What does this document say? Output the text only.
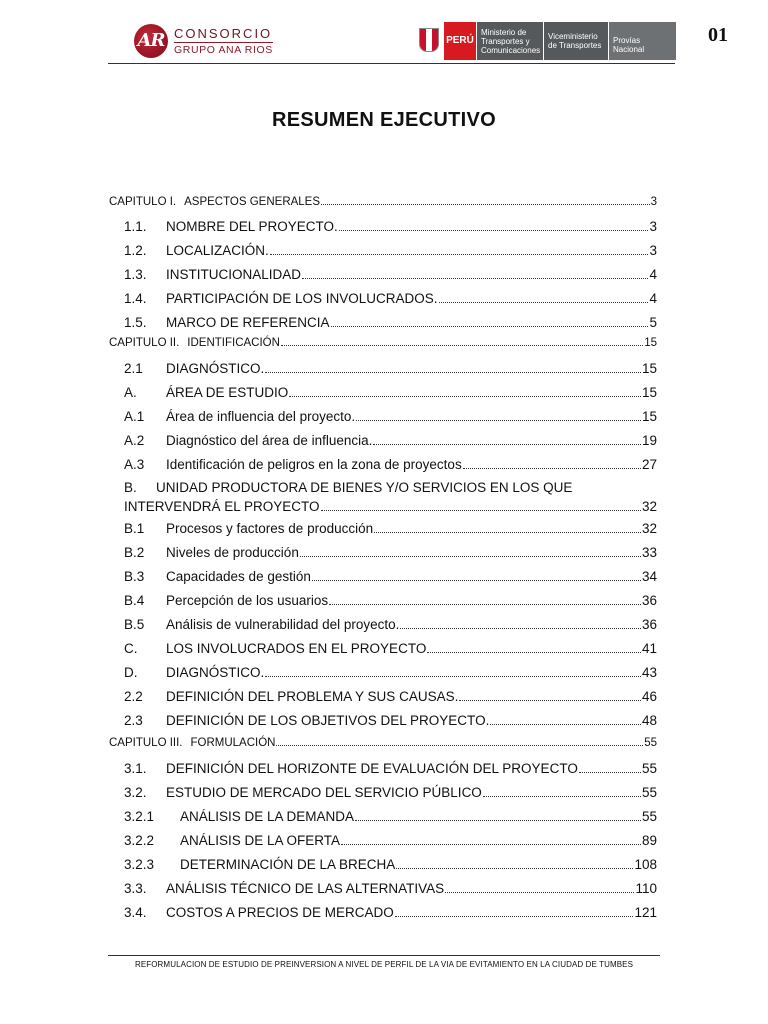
AR CONSORCIO
GRUPO ANA RIOS
PERÚ
Ministerio de Transportes y Comunicaciones
Viceministerio de Transportes
Provías Nacional
01
RESUMEN EJECUTIVO
CAPITULO I. ASPECTOS GENERALES	3
1.1.	NOMBRE DEL PROYECTO.	3
1.2.	LOCALIZACIÓN.	3
1.3.	INSTITUCIONALIDAD	4
1.4.	PARTICIPACIÓN DE LOS INVOLUCRADOS.	4
1.5.	MARCO DE REFERENCIA	5
CAPITULO II. IDENTIFICACIÓN	15
2.1	DIAGNÓSTICO.	15
A.	ÁREA DE ESTUDIO	15
A.1	Área de influencia del proyecto.	15
A.2	Diagnóstico del área de influencia.	19
A.3	Identificación de peligros en la zona de proyectos	27
B.	UNIDAD PRODUCTORA DE BIENES Y/O SERVICIOS EN LOS QUE
INTERVENDRÁ EL PROYECTO	32
B.1	Procesos y factores de producción	32
B.2	Niveles de producción	33
B.3	Capacidades de gestión	34
B.4	Percepción de los usuarios	36
B.5	Análisis de vulnerabilidad del proyecto.	36
C.	LOS INVOLUCRADOS EN EL PROYECTO	41
D.	DIAGNÓSTICO.	43
2.2	DEFINICIÓN DEL PROBLEMA Y SUS CAUSAS.	46
2.3	DEFINICIÓN DE LOS OBJETIVOS DEL PROYECTO.	48
CAPITULO III. FORMULACIÓN	55
3.1.	DEFINICIÓN DEL HORIZONTE DE EVALUACIÓN DEL PROYECTO	55
3.2.	ESTUDIO DE MERCADO DEL SERVICIO PÚBLICO	55
3.2.1	ANÁLISIS DE LA DEMANDA	55
3.2.2	ANÁLISIS DE LA OFERTA	89
3.2.3	DETERMINACIÓN DE LA BRECHA	108
3.3.	ANÁLISIS TÉCNICO DE LAS ALTERNATIVAS	110
3.4.	COSTOS A PRECIOS DE MERCADO	121
REFORMULACION DE ESTUDIO DE PREINVERSION A NIVEL DE PERFIL DE LA VIA DE EVITAMIENTO EN LA CIUDAD DE TUMBES
